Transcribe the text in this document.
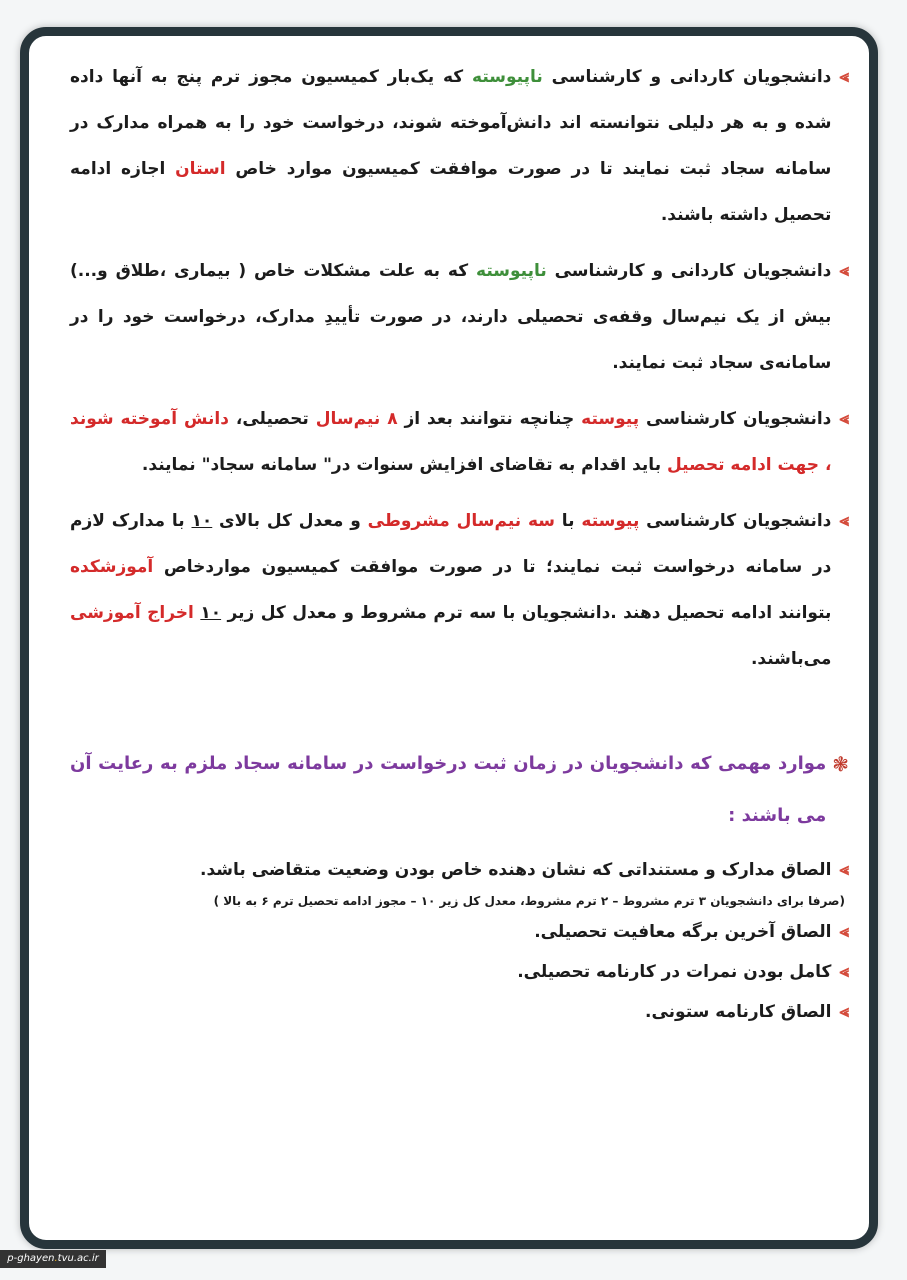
⪢
دانشجویان کاردانی و کارشناسی ناپیوسته که یک‌بار کمیسیون مجوز ترم پنج به آنها داده شده و به هر دلیلی نتوانسته اند دانش‌آموخته شوند، درخواست خود را به همراه مدارک در سامانه سجاد ثبت نمایند تا در صورت موافقت کمیسیون موارد خاص استان اجازه ادامه تحصیل داشته باشند.
⪢
دانشجویان کاردانی و کارشناسی ناپیوسته که به علت مشکلات خاص ( بیماری ،طلاق و...) بیش از یک نیم‌سال وقفه‌ی تحصیلی دارند، در صورت تأییدِ مدارک، درخواست خود را در سامانه‌ی سجاد ثبت نمایند.
⪢
دانشجویان کارشناسی پیوسته چنانچه نتوانند بعد از ۸ نیم‌سال تحصیلی، دانش آموخته شوند ، جهت ادامه تحصیل باید اقدام به تقاضای افزایش سنوات در" سامانه سجاد" نمایند.
⪢
دانشجویان کارشناسی پیوسته با سه نیم‌سال مشروطی و معدل کل بالای ۱۰ با مدارک لازم در سامانه درخواست ثبت نمایند؛ تا در صورت موافقت کمیسیون مواردخاص آموزشکده بتوانند ادامه تحصیل دهند .دانشجویان با سه ترم مشروط و معدل کل زیر ۱۰ اخراج آموزشی می‌باشند.
❃
موارد مهمی که دانشجویان در زمان ثبت درخواست در سامانه سجاد ملزم به رعایت آن می باشند :
⪢
الصاق مدارک و مستنداتی که نشان دهنده خاص بودن وضعیت متقاضی باشد.
(صرفا برای دانشجویان ۳ ترم مشروط – ۲ ترم مشروط، معدل کل زیر ۱۰ – مجوز ادامه تحصیل ترم ۶ به بالا )
⪢
الصاق آخرین برگه معافیت تحصیلی.
⪢
کامل بودن نمرات در کارنامه تحصیلی.
⪢
الصاق کارنامه ستونی.
p-ghayen.tvu.ac.ir
